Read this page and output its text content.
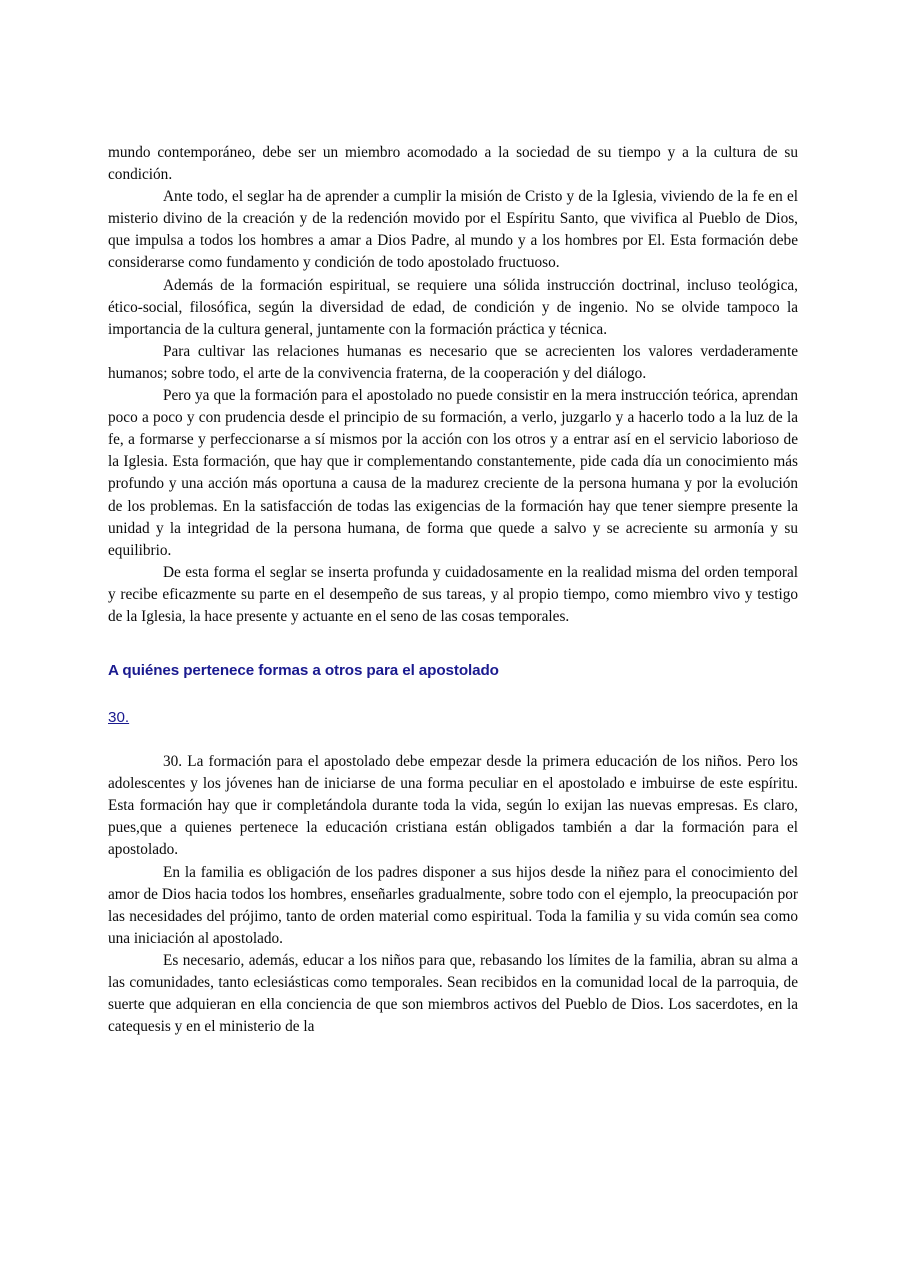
mundo contemporáneo, debe ser un miembro acomodado a la sociedad de su tiempo y a la cultura de su condición.

Ante todo, el seglar ha de aprender a cumplir la misión de Cristo y de la Iglesia, viviendo de la fe en el misterio divino de la creación y de la redención movido por el Espíritu Santo, que vivifica al Pueblo de Dios, que impulsa a todos los hombres a amar a Dios Padre, al mundo y a los hombres por El. Esta formación debe considerarse como fundamento y condición de todo apostolado fructuoso.

Además de la formación espiritual, se requiere una sólida instrucción doctrinal, incluso teológica, ético-social, filosófica, según la diversidad de edad, de condición y de ingenio. No se olvide tampoco la importancia de la cultura general, juntamente con la formación práctica y técnica.

Para cultivar las relaciones humanas es necesario que se acrecienten los valores verdaderamente humanos; sobre todo, el arte de la convivencia fraterna, de la cooperación y del diálogo.

Pero ya que la formación para el apostolado no puede consistir en la mera instrucción teórica, aprendan poco a poco y con prudencia desde el principio de su formación, a verlo, juzgarlo y a hacerlo todo a la luz de la fe, a formarse y perfeccionarse a sí mismos por la acción con los otros y a entrar así en el servicio laborioso de la Iglesia. Esta formación, que hay que ir complementando constantemente, pide cada día un conocimiento más profundo y una acción más oportuna a causa de la madurez creciente de la persona humana y por la evolución de los problemas. En la satisfacción de todas las exigencias de la formación hay que tener siempre presente la unidad y la integridad de la persona humana, de forma que quede a salvo y se acreciente su armonía y su equilibrio.

De esta forma el seglar se inserta profunda y cuidadosamente en la realidad misma del orden temporal y recibe eficazmente su parte en el desempeño de sus tareas, y al propio tiempo, como miembro vivo y testigo de la Iglesia, la hace presente y actuante en el seno de las cosas temporales.

A quiénes pertenece formas a otros para el apostolado
30.

30. La formación para el apostolado debe empezar desde la primera educación de los niños. Pero los adolescentes y los jóvenes han de iniciarse de una forma peculiar en el apostolado e imbuirse de este espíritu. Esta formación hay que ir completándola durante toda la vida, según lo exijan las nuevas empresas. Es claro, pues,que a quienes pertenece la educación cristiana están obligados también a dar la formación para el apostolado.

En la familia es obligación de los padres disponer a sus hijos desde la niñez para el conocimiento del amor de Dios hacia todos los hombres, enseñarles gradualmente, sobre todo con el ejemplo, la preocupación por las necesidades del prójimo, tanto de orden material como espiritual. Toda la familia y su vida común sea como una iniciación al apostolado.

Es necesario, además, educar a los niños para que, rebasando los límites de la familia, abran su alma a las comunidades, tanto eclesiásticas como temporales. Sean recibidos en la comunidad local de la parroquia, de suerte que adquieran en ella conciencia de que son miembros activos del Pueblo de Dios. Los sacerdotes, en la catequesis y en el ministerio de la
